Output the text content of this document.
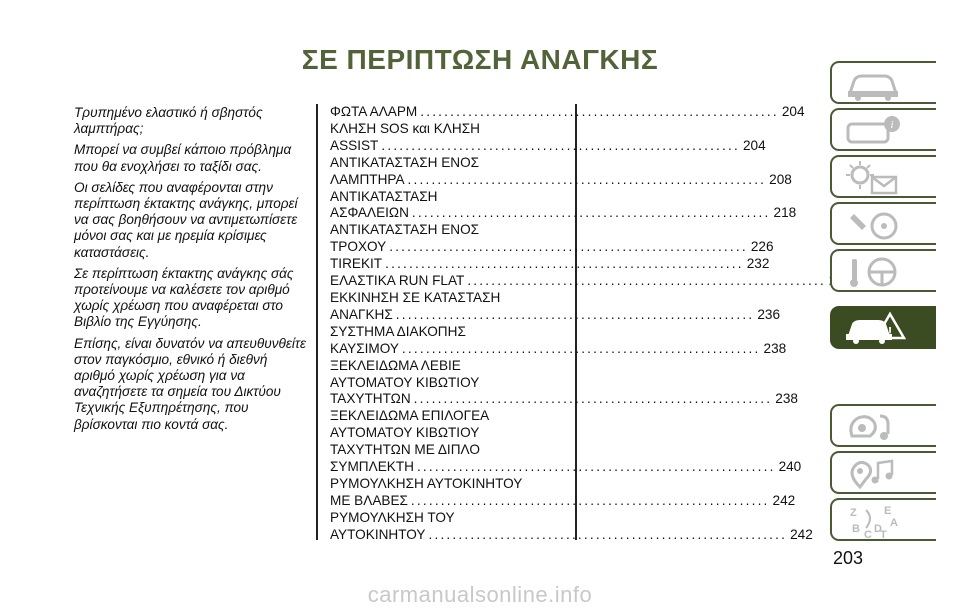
ΣΕ ΠΕΡΙΠΤΩΣΗ ΑΝΑΓΚΗΣ

Τρυπημένο ελαστικό ή σβηστός λαμπτήρας;

Μπορεί να συμβεί κάποιο πρόβλημα που θα ενοχλήσει το ταξίδι σας.

Οι σελίδες που αναφέρονται στην περίπτωση έκτακτης ανάγκης, μπορεί να σας βοηθήσουν να αντιμετωπίσετε μόνοι σας και με ηρεμία κρίσιμες καταστάσεις.

Σε περίπτωση έκτακτης ανάγκης σάς προτείνουμε να καλέσετε τον αριθμό χωρίς χρέωση που αναφέρεται στο Βιβλίο της Εγγύησης.

Επίσης, είναι δυνατόν να απευθυνθείτε στον παγκόσμιο, εθνικό ή διεθνή αριθμό χωρίς χρέωση για να αναζητήσετε τα σημεία του Δικτύου Τεχνικής Εξυπηρέτησης, που βρίσκονται πιο κοντά σας.

ΦΩΤΑ ΑΛΑΡΜ ............................................................ 204
ΚΛΗΣΗ SOS και ΚΛΗΣΗ
ASSIST ............................................................ 204
ΑΝΤΙΚΑΤΑΣΤΑΣΗ ΕΝΟΣ
ΛΑΜΠΤΗΡΑ ............................................................ 208
ΑΝΤΙΚΑΤΑΣΤΑΣΗ
ΑΣΦΑΛΕΙΩΝ ............................................................ 218
ΑΝΤΙΚΑΤΑΣΤΑΣΗ ΕΝΟΣ
ΤΡΟΧΟΥ ............................................................ 226
TIREKIT ............................................................ 232
ΕΛΑΣΤΙΚΑ RUN FLAT ............................................................
ΕΚΚΙΝΗΣΗ ΣΕ ΚΑΤΑΣΤΑΣΗ
ΑΝΑΓΚΗΣ ............................................................ 236
ΣΥΣΤΗΜΑ ΔΙΑΚΟΠΗΣ
ΚΑΥΣΙΜΟΥ ............................................................ 238
ΞΕΚΛΕΙΔΩΜΑ ΛΕΒΙΕ
ΑΥΤΟΜΑΤΟΥ ΚΙΒΩΤΙΟΥ
ΤΑΧΥΤΗΤΩΝ ............................................................ 238
ΞΕΚΛΕΙΔΩΜΑ ΕΠΙΛΟΓΕΑ
ΑΥΤΟΜΑΤΟΥ ΚΙΒΩΤΙΟΥ
ΤΑΧΥΤΗΤΩΝ ΜΕ ΔΙΠΛΟ
ΣΥΜΠΛΕΚΤΗ ............................................................ 240
ΡΥΜΟΥΛΚΗΣΗ ΑΥΤΟΚΙΝΗΤΟΥ
ΜΕ ΒΛΑΒΕΣ ............................................................ 242
ΡΥΜΟΥΛΚΗΣΗ ΤΟΥ
ΑΥΤΟΚΙΝΗΤΟΥ ............................................................ 242
i
!
Z E
A
B D
C T
203
carmanualsonline.info
